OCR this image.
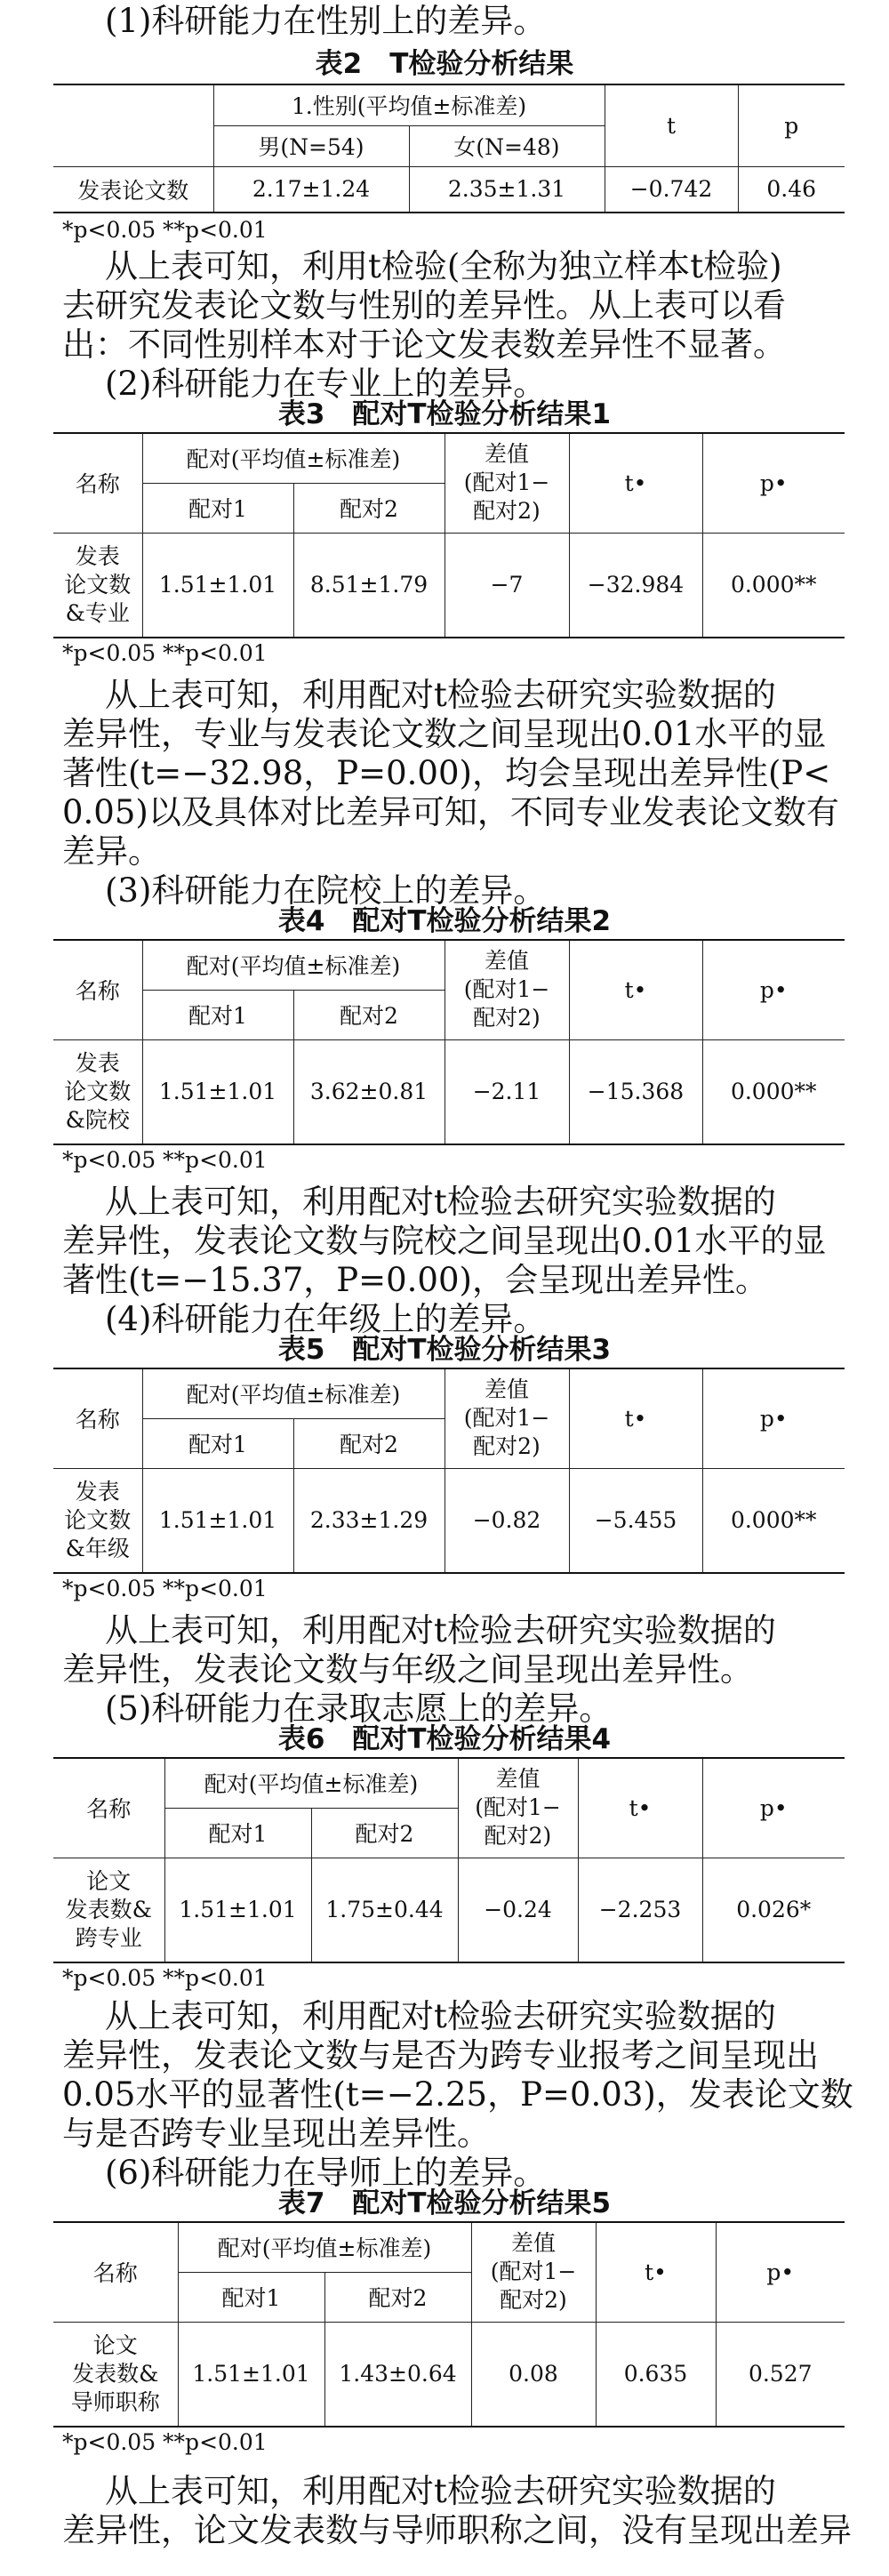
(1)科研能力在性别上的差异。
表2　T检验分析结果
	1.性别(平均值±标准差)		t	p
	男(N=54)	女(N=48)		
发表论文数	2.17±1.24	2.35±1.31	−0.742	0.46
*p<0.05 **p<0.01
从上表可知，利用t检验(全称为独立样本t检验)
去研究发表论文数与性别的差异性。从上表可以看
出：不同性别样本对于论文发表数差异性不显著。
(2)科研能力在专业上的差异。
表3　配对T检验分析结果1
名称	配对(平均值±标准差)		差值
(配对1−
配对2)	t•	p•
	配对1	配对2			
发表
论文数
&专业	1.51±1.01	8.51±1.79	−7	−32.984	0.000**
*p<0.05 **p<0.01
从上表可知，利用配对t检验去研究实验数据的
差异性，专业与发表论文数之间呈现出0.01水平的显
著性(t=−32.98，P=0.00)，均会呈现出差异性(P<
0.05)以及具体对比差异可知，不同专业发表论文数有
差异。
(3)科研能力在院校上的差异。
表4　配对T检验分析结果2
名称	配对(平均值±标准差)		差值
(配对1−
配对2)	t•	p•
	配对1	配对2			
发表
论文数
&院校	1.51±1.01	3.62±0.81	−2.11	−15.368	0.000**
*p<0.05 **p<0.01
从上表可知，利用配对t检验去研究实验数据的
差异性，发表论文数与院校之间呈现出0.01水平的显
著性(t=−15.37，P=0.00)，会呈现出差异性。
(4)科研能力在年级上的差异。
表5　配对T检验分析结果3
名称	配对(平均值±标准差)		差值
(配对1−
配对2)	t•	p•
	配对1	配对2			
发表
论文数
&年级	1.51±1.01	2.33±1.29	−0.82	−5.455	0.000**
*p<0.05 **p<0.01
从上表可知，利用配对t检验去研究实验数据的
差异性，发表论文数与年级之间呈现出差异性。
(5)科研能力在录取志愿上的差异。
表6　配对T检验分析结果4
名称	配对(平均值±标准差)		差值
(配对1−
配对2)	t•	p•
	配对1	配对2			
论文
发表数&
跨专业	1.51±1.01	1.75±0.44	−0.24	−2.253	0.026*
*p<0.05 **p<0.01
从上表可知，利用配对t检验去研究实验数据的
差异性，发表论文数与是否为跨专业报考之间呈现出
0.05水平的显著性(t=−2.25，P=0.03)，发表论文数
与是否跨专业呈现出差异性。
(6)科研能力在导师上的差异。
表7　配对T检验分析结果5
名称	配对(平均值±标准差)		差值
(配对1−
配对2)	t•	p•
	配对1	配对2			
论文
发表数&
导师职称	1.51±1.01	1.43±0.64	0.08	0.635	0.527
*p<0.05 **p<0.01
从上表可知，利用配对t检验去研究实验数据的
差异性，论文发表数与导师职称之间，没有呈现出差异
